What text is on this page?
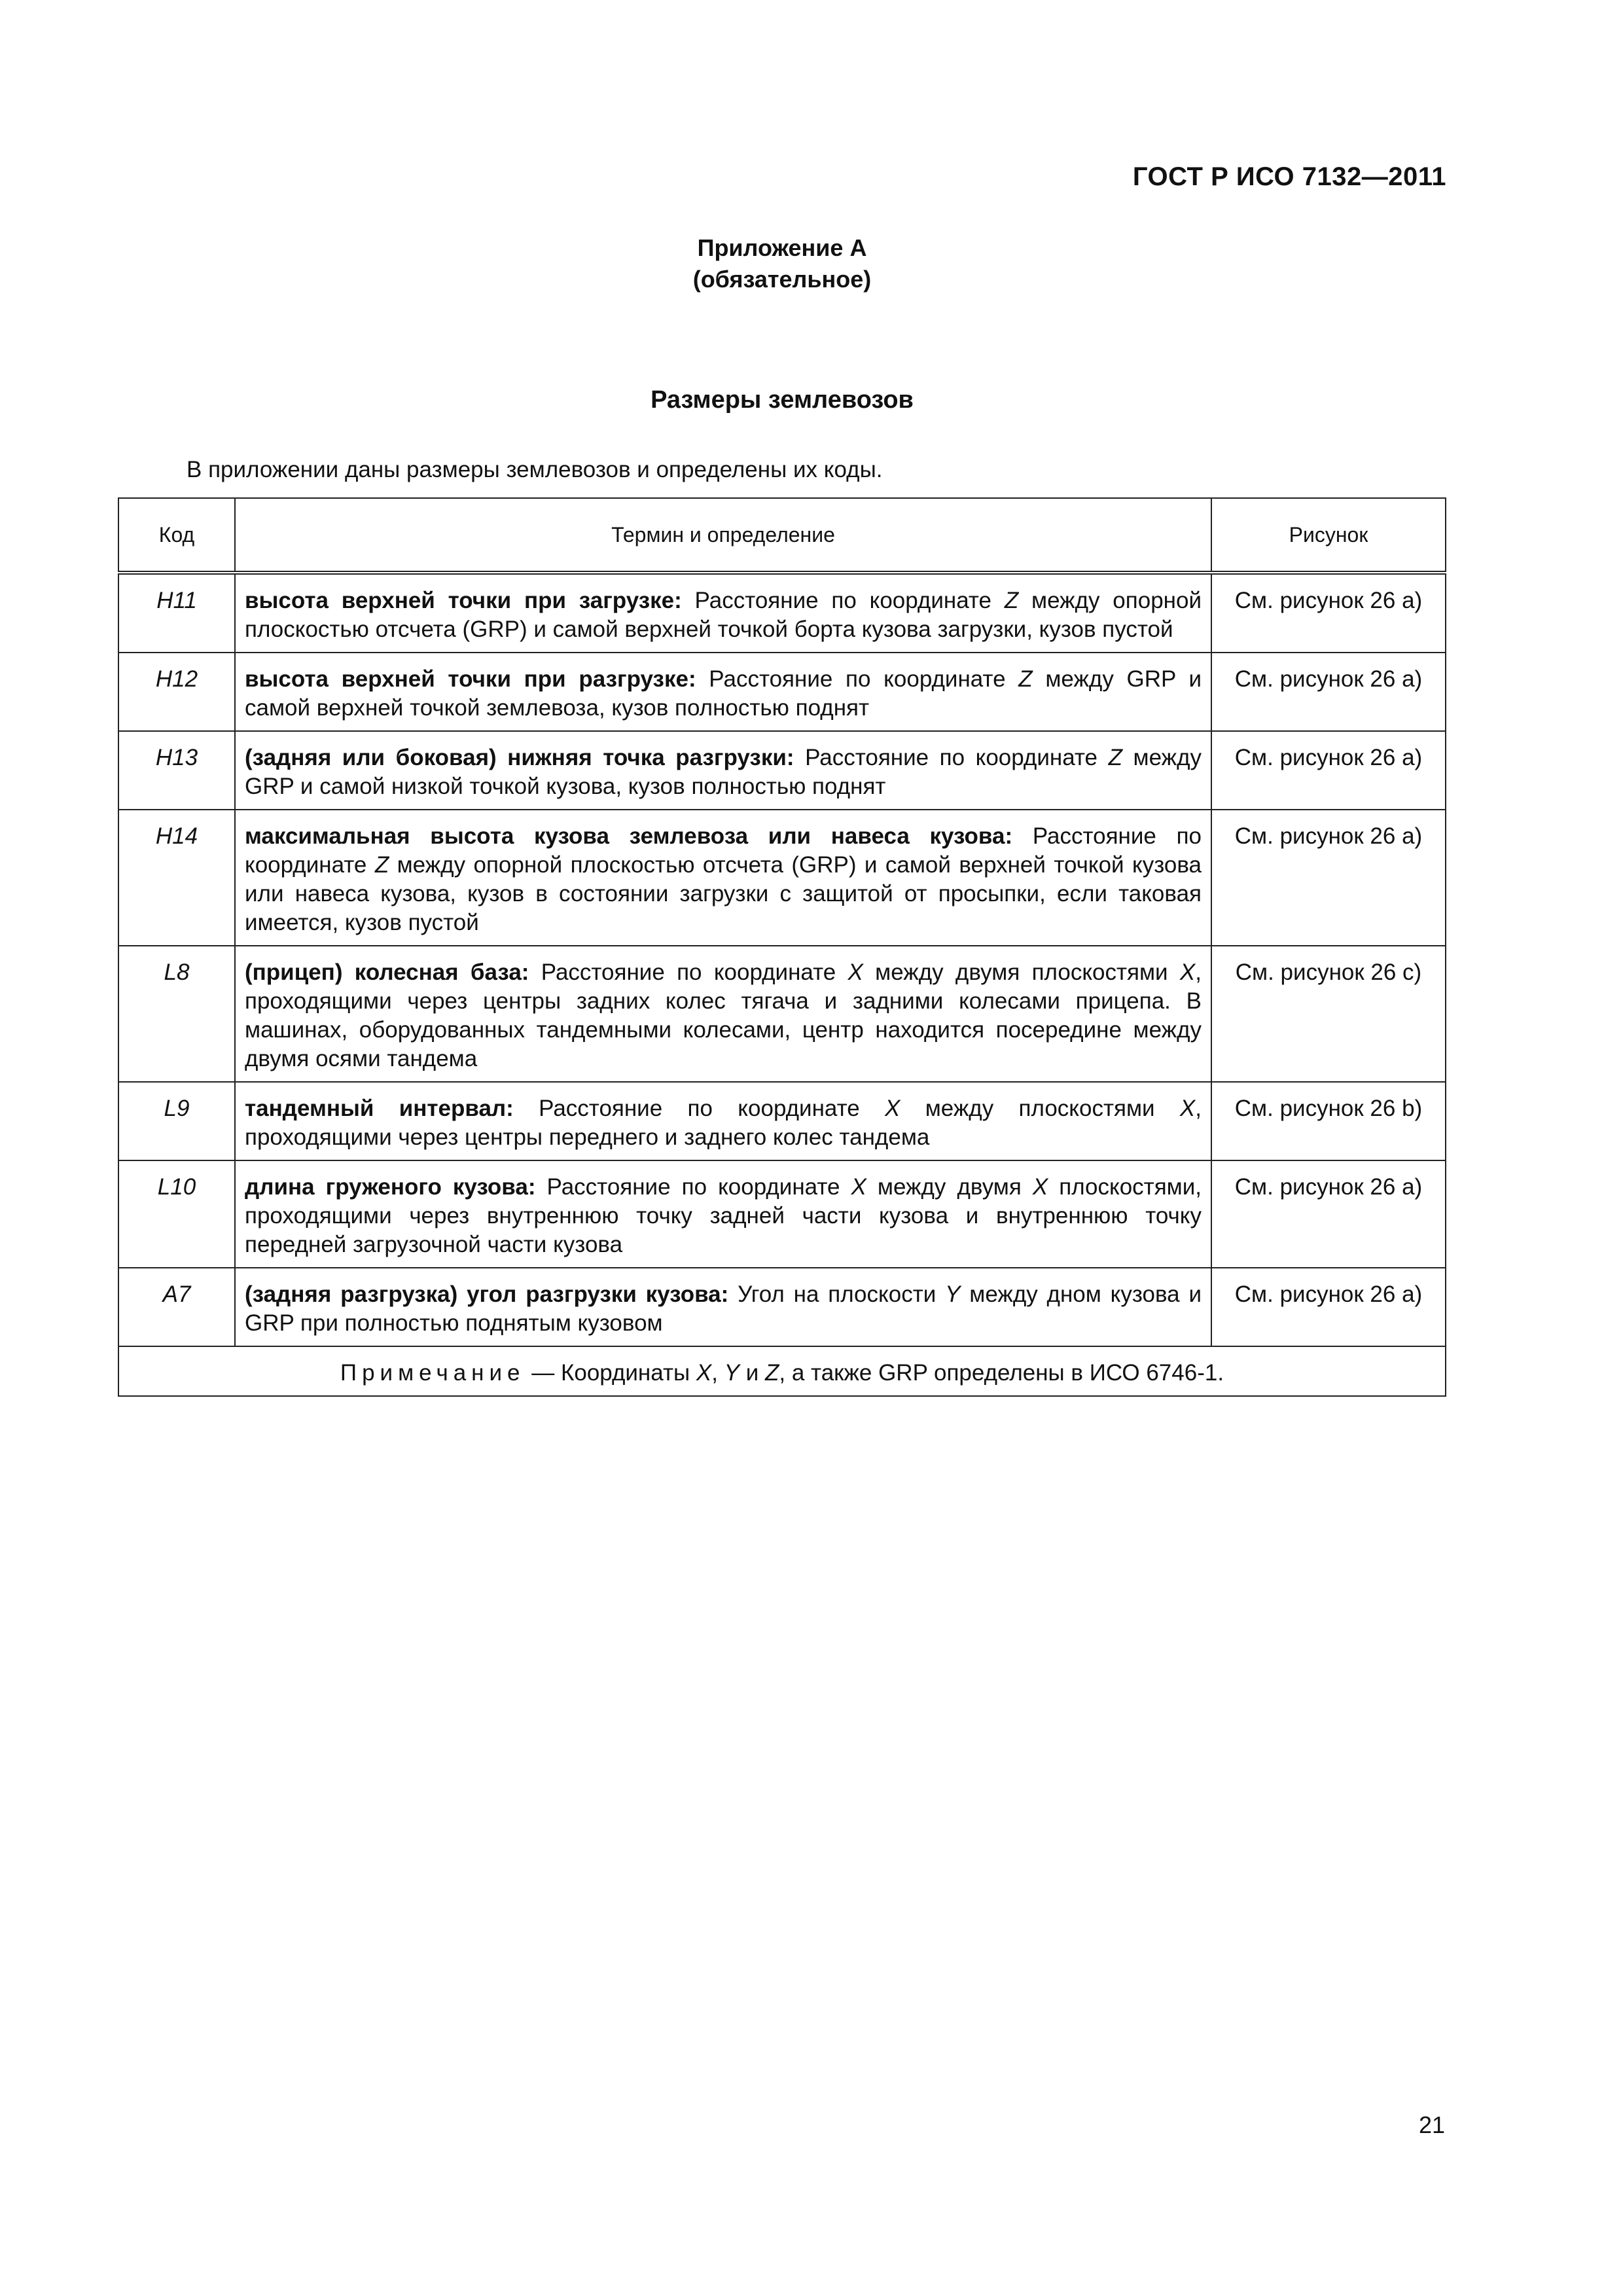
ГОСТ Р ИСО 7132—2011
Приложение А
(обязательное)
Размеры землевозов
В приложении даны размеры землевозов и определены их коды.
Код	Термин и определение	Рисунок
H11	высота верхней точки при загрузке: Расстояние по координате Z между опорной плоскостью отсчета (GRP) и самой верхней точкой борта кузова загрузки, кузов пустой	См. рисунок 26 a)
H12	высота верхней точки при разгрузке: Расстояние по координате Z между GRP и самой верхней точкой землевоза, кузов полностью поднят	См. рисунок 26 a)
H13	(задняя или боковая) нижняя точка разгрузки: Расстояние по координате Z между GRP и самой низкой точкой кузова, кузов полностью поднят	См. рисунок 26 a)
H14	максимальная высота кузова землевоза или навеса кузова: Расстояние по координате Z между опорной плоскостью отсчета (GRP) и самой верхней точкой кузова или навеса кузова, кузов в состоянии загрузки с защитой от просыпки, если таковая имеется, кузов пустой	См. рисунок 26 a)
L8	(прицеп) колесная база: Расстояние по координате X между двумя плоскостями X, проходящими через центры задних колес тягача и задними колесами прицепа. В машинах, оборудованных тандемными колесами, центр находится посередине между двумя осями тандема	См. рисунок 26 c)
L9	тандемный интервал: Расстояние по координате X между плоскостями X, проходящими через центры переднего и заднего колес тандема	См. рисунок 26 b)
L10	длина груженого кузова: Расстояние по координате X между двумя X плоскостями, проходящими через внутреннюю точку задней части кузова и внутреннюю точку передней загрузочной части кузова	См. рисунок 26 a)
A7	(задняя разгрузка) угол разгрузки кузова: Угол на плоскости Y между дном кузова и GRP при полностью поднятым кузовом	См. рисунок 26 a)
Примечание — Координаты X, Y и Z, а также GRP определены в ИСО 6746-1.		
21
